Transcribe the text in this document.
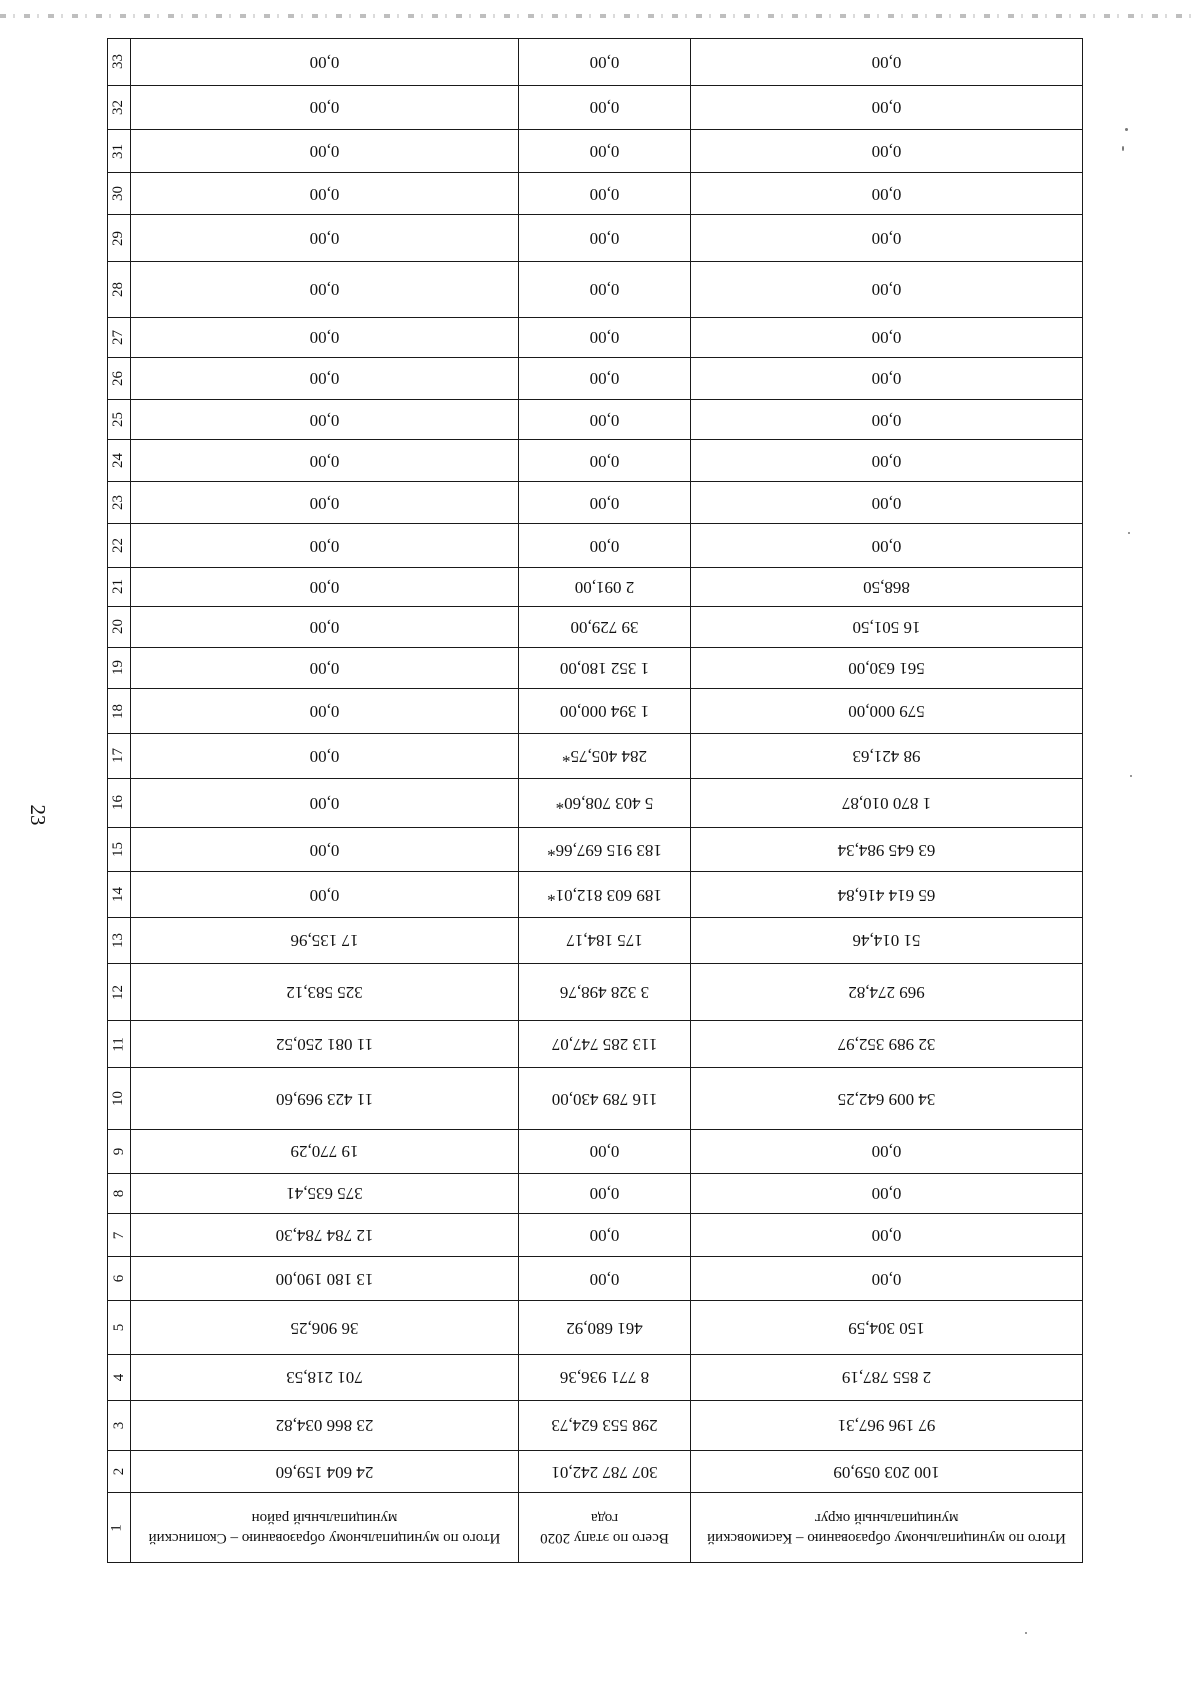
23
Итого по муниципальному образованию – Касимовский муниципальный округ	Всего по этапу 2020 года	Итого по муниципальному образованию – Скопинский муниципальный район	1
100 203 059,09	307 787 242,01	24 604 159,60	2
97 196 967,31	298 553 624,73	23 866 034,82	3
2 855 787,19	8 771 936,36	701 218,53	4
150 304,59	461 680,92	36 906,25	5
0,00	0,00	13 180 190,00	6
0,00	0,00	12 784 784,30	7
0,00	0,00	375 635,41	8
0,00	0,00	19 770,29	9
34 009 642,25	116 789 430,00	11 423 969,60	10
32 989 352,97	113 285 747,07	11 081 250,52	11
969 274,82	3 328 498,76	325 583,12	12
51 014,46	175 184,17	17 135,96	13
65 614 416,84	189 603 812,01*	0,00	14
63 645 984,34	183 915 697,66*	0,00	15
1 870 010,87	5 403 708,60*	0,00	16
98 421,63	284 405,75*	0,00	17
579 000,00	1 394 000,00	0,00	18
561 630,00	1 352 180,00	0,00	19
16 501,50	39 729,00	0,00	20
868,50	2 091,00	0,00	21
0,00	0,00	0,00	22
0,00	0,00	0,00	23
0,00	0,00	0,00	24
0,00	0,00	0,00	25
0,00	0,00	0,00	26
0,00	0,00	0,00	27
0,00	0,00	0,00	28
0,00	0,00	0,00	29
0,00	0,00	0,00	30
0,00	0,00	0,00	31
0,00	0,00	0,00	32
0,00	0,00	0,00	33
